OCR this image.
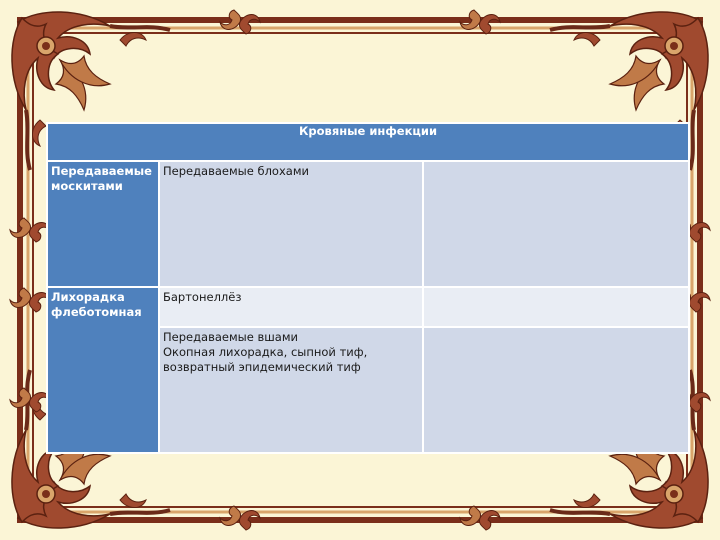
Кровяные инфекции		

Передаваемые
москитами	Передаваемые блохами	

Лихорадка
флеботомная	Бартонеллёз	

	Передаваемые вшами
Окопная лихорадка, сыпной тиф,
возвратный эпидемический тиф	
